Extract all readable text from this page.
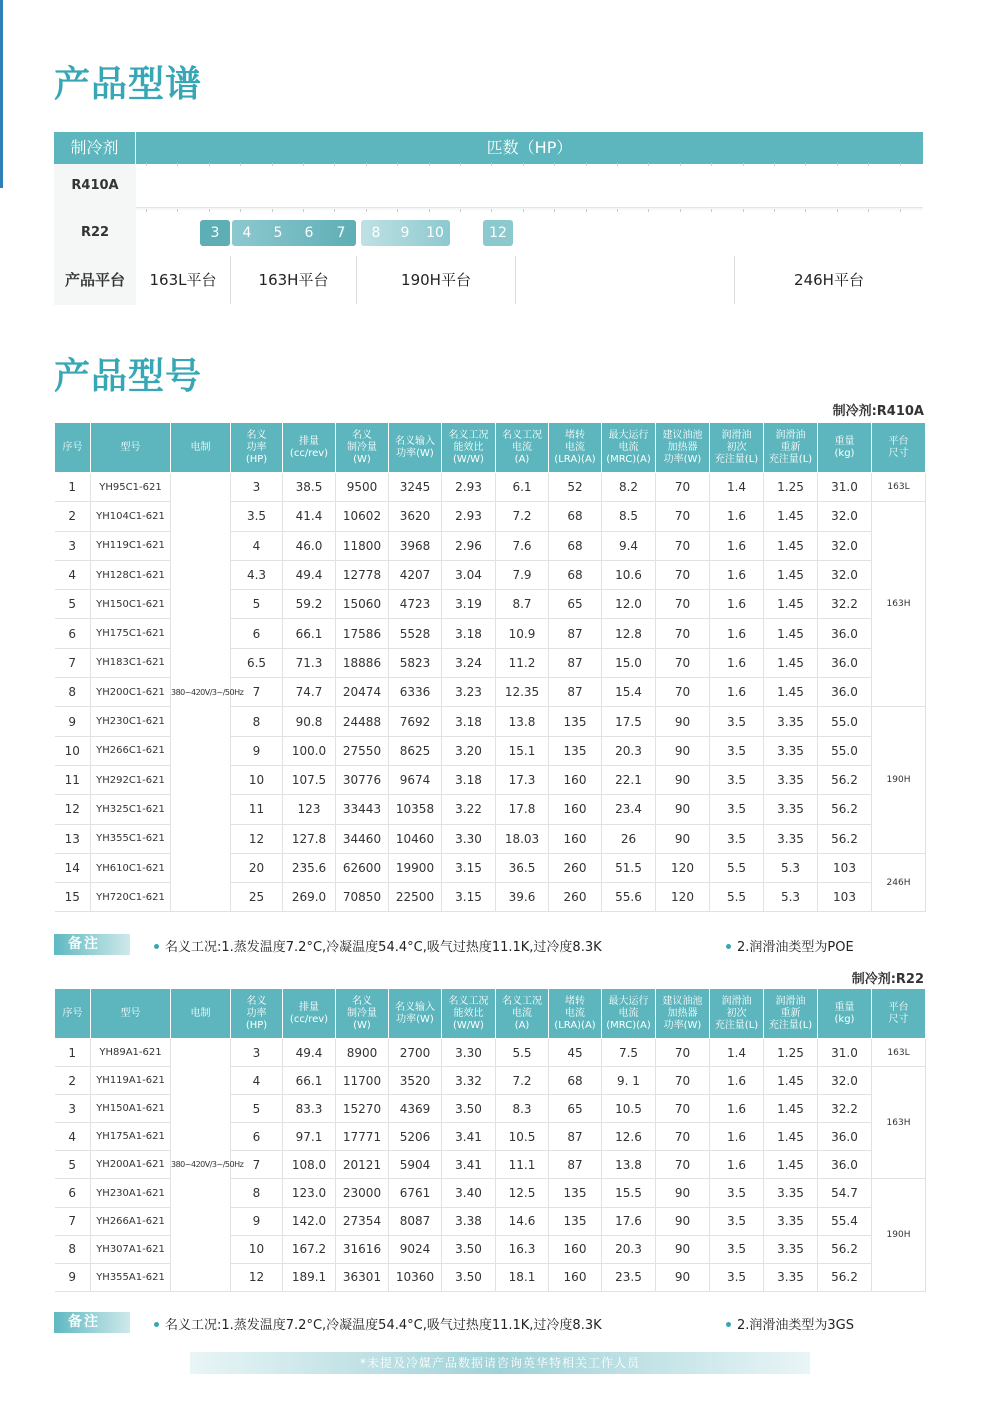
产品型谱
制冷剂	匹数（HP）
R410A	3	4	5	6	7	8	9	10	11 12	20	25
R22	3	4	5	6	7	8	9	10	12
产品平台	163L平台	163H平台	190H平台	246H平台
产品型号
制冷剂:R410A
序号	型号	电制	名义
功率
(HP)	排量
(cc/rev)	名义
制冷量
(W)	名义输入
功率(W)	名义工况
能效比
(W/W)	名义工况
电流
(A)	堵转
电流
(LRA)(A)	最大运行
电流
(MRC)(A)	建议油池
加热器
功率(W)	润滑油
初次
充注量(L)	润滑油
重新
充注量(L)	重量
(kg)	平台
尺寸
1	YH95C1-621	380~420V/3~/50Hz	3	38.5	9500	3245	2.93	6.1	52	8.2	70	1.4	1.25	31.0	163L
2	YH104C1-621		3.5	41.4	10602	3620	2.93	7.2	68	8.5	70	1.6	1.45	32.0	163H
3	YH119C1-621		4	46.0	11800	3968	2.96	7.6	68	9.4	70	1.6	1.45	32.0	
4	YH128C1-621		4.3	49.4	12778	4207	3.04	7.9	68	10.6	70	1.6	1.45	32.0	
5	YH150C1-621		5	59.2	15060	4723	3.19	8.7	65	12.0	70	1.6	1.45	32.2	
6	YH175C1-621		6	66.1	17586	5528	3.18	10.9	87	12.8	70	1.6	1.45	36.0	
7	YH183C1-621		6.5	71.3	18886	5823	3.24	11.2	87	15.0	70	1.6	1.45	36.0	
8	YH200C1-621		7	74.7	20474	6336	3.23	12.35	87	15.4	70	1.6	1.45	36.0	
9	YH230C1-621		8	90.8	24488	7692	3.18	13.8	135	17.5	90	3.5	3.35	55.0	190H
10	YH266C1-621		9	100.0	27550	8625	3.20	15.1	135	20.3	90	3.5	3.35	55.0	
11	YH292C1-621		10	107.5	30776	9674	3.18	17.3	160	22.1	90	3.5	3.35	56.2	
12	YH325C1-621		11	123	33443	10358	3.22	17.8	160	23.4	90	3.5	3.35	56.2	
13	YH355C1-621		12	127.8	34460	10460	3.30	18.03	160	26	90	3.5	3.35	56.2	
14	YH610C1-621		20	235.6	62600	19900	3.15	36.5	260	51.5	120	5.5	5.3	103	246H
15	YH720C1-621		25	269.0	70850	22500	3.15	39.6	260	55.6	120	5.5	5.3	103	
备注	名义工况:1.蒸发温度7.2°C,冷凝温度54.4°C,吸气过热度11.1K,过冷度8.3K	2.润滑油类型为POE
制冷剂:R22
序号	型号	电制	名义
功率
(HP)	排量
(cc/rev)	名义
制冷量
(W)	名义输入
功率(W)	名义工况
能效比
(W/W)	名义工况
电流
(A)	堵转
电流
(LRA)(A)	最大运行
电流
(MRC)(A)	建议油池
加热器
功率(W)	润滑油
初次
充注量(L)	润滑油
重新
充注量(L)	重量
(kg)	平台
尺寸
1	YH89A1-621	380~420V/3~/50Hz	3	49.4	8900	2700	3.30	5.5	45	7.5	70	1.4	1.25	31.0	163L
2	YH119A1-621		4	66.1	11700	3520	3.32	7.2	68	9. 1	70	1.6	1.45	32.0	163H
3	YH150A1-621		5	83.3	15270	4369	3.50	8.3	65	10.5	70	1.6	1.45	32.2	
4	YH175A1-621		6	97.1	17771	5206	3.41	10.5	87	12.6	70	1.6	1.45	36.0	
5	YH200A1-621		7	108.0	20121	5904	3.41	11.1	87	13.8	70	1.6	1.45	36.0	
6	YH230A1-621		8	123.0	23000	6761	3.40	12.5	135	15.5	90	3.5	3.35	54.7	190H
7	YH266A1-621		9	142.0	27354	8087	3.38	14.6	135	17.6	90	3.5	3.35	55.4	
8	YH307A1-621		10	167.2	31616	9024	3.50	16.3	160	20.3	90	3.5	3.35	56.2	
9	YH355A1-621		12	189.1	36301	10360	3.50	18.1	160	23.5	90	3.5	3.35	56.2	
备注	名义工况:1.蒸发温度7.2°C,冷凝温度54.4°C,吸气过热度11.1K,过冷度8.3K	2.润滑油类型为3GS
*未提及冷媒产品数据请咨询英华特相关工作人员
